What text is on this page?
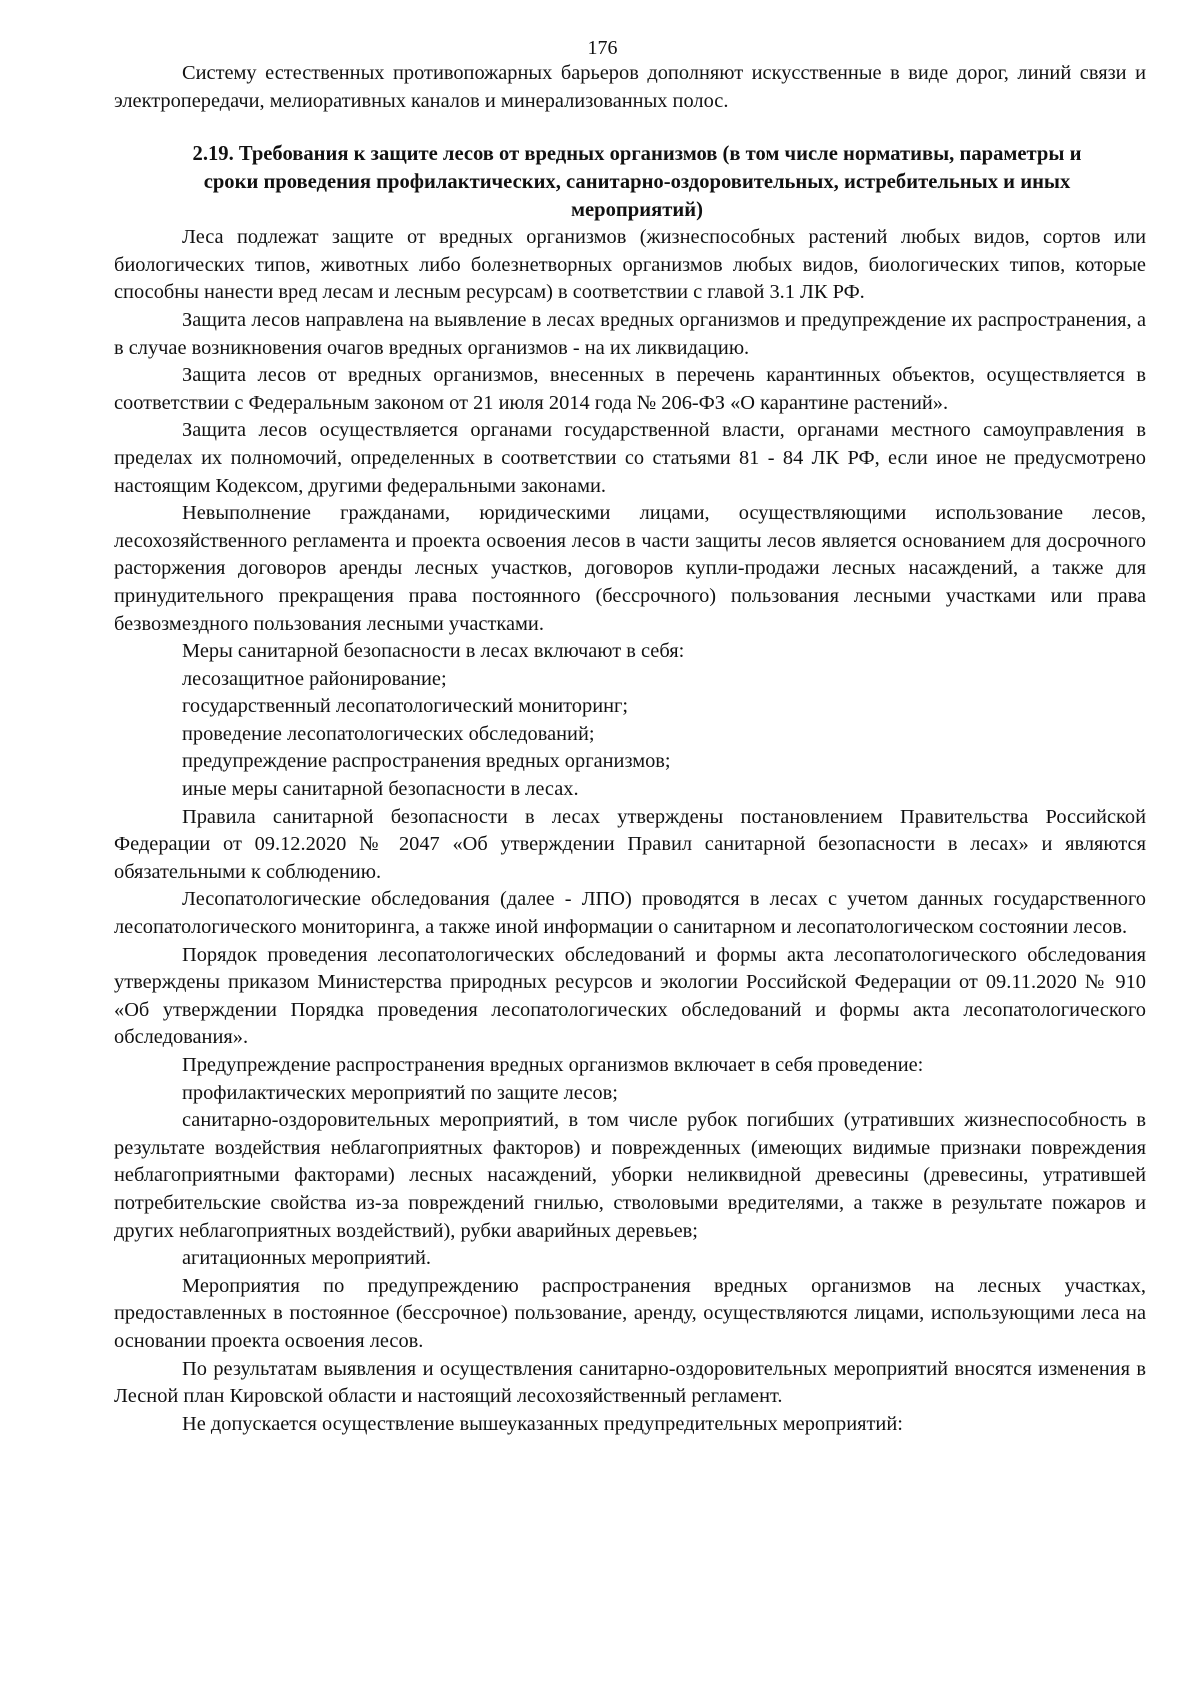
176

Систему естественных противопожарных барьеров дополняют искусственные в виде дорог, линий связи и электропередачи, мелиоративных каналов и минерализованных полос.

2.19. Требования к защите лесов от вредных организмов (в том числе нормативы, параметры и сроки проведения профилактических, санитарно-оздоровительных, истребительных и иных мероприятий)

Леса подлежат защите от вредных организмов (жизнеспособных растений любых видов, сортов или биологических типов, животных либо болезнетворных организмов любых видов, биологических типов, которые способны нанести вред лесам и лесным ресурсам) в соответствии с главой 3.1 ЛК РФ.

Защита лесов направлена на выявление в лесах вредных организмов и предупреждение их распространения, а в случае возникновения очагов вредных организмов - на их ликвидацию.

Защита лесов от вредных организмов, внесенных в перечень карантинных объектов, осуществляется в соответствии с Федеральным законом от 21 июля 2014 года № 206-ФЗ «О карантине растений».

Защита лесов осуществляется органами государственной власти, органами местного самоуправления в пределах их полномочий, определенных в соответствии со статьями 81 - 84 ЛК РФ, если иное не предусмотрено настоящим Кодексом, другими федеральными законами.

Невыполнение гражданами, юридическими лицами, осуществляющими использование лесов, лесохозяйственного регламента и проекта освоения лесов в части защиты лесов является основанием для досрочного расторжения договоров аренды лесных участков, договоров купли-продажи лесных насаждений, а также для принудительного прекращения права постоянного (бессрочного) пользования лесными участками или права безвозмездного пользования лесными участками.

Меры санитарной безопасности в лесах включают в себя:

лесозащитное районирование;

государственный лесопатологический мониторинг;

проведение лесопатологических обследований;

предупреждение распространения вредных организмов;

иные меры санитарной безопасности в лесах.

Правила санитарной безопасности в лесах утверждены постановлением Правительства Российской Федерации от 09.12.2020 № 2047 «Об утверждении Правил санитарной безопасности в лесах» и являются обязательными к соблюдению.

Лесопатологические обследования (далее - ЛПО) проводятся в лесах с учетом данных государственного лесопатологического мониторинга, а также иной информации о санитарном и лесопатологическом состоянии лесов.

Порядок проведения лесопатологических обследований и формы акта лесопатологического обследования утверждены приказом Министерства природных ресурсов и экологии Российской Федерации от 09.11.2020 № 910 «Об утверждении Порядка проведения лесопатологических обследований и формы акта лесопатологического обследования».

Предупреждение распространения вредных организмов включает в себя проведение:

профилактических мероприятий по защите лесов;

санитарно-оздоровительных мероприятий, в том числе рубок погибших (утративших жизнеспособность в результате воздействия неблагоприятных факторов) и поврежденных (имеющих видимые признаки повреждения неблагоприятными факторами) лесных насаждений, уборки неликвидной древесины (древесины, утратившей потребительские свойства из-за повреждений гнилью, стволовыми вредителями, а также в результате пожаров и других неблагоприятных воздействий), рубки аварийных деревьев;

агитационных мероприятий.

Мероприятия по предупреждению распространения вредных организмов на лесных участках, предоставленных в постоянное (бессрочное) пользование, аренду, осуществляются лицами, использующими леса на основании проекта освоения лесов.

По результатам выявления и осуществления санитарно-оздоровительных мероприятий вносятся изменения в Лесной план Кировской области и настоящий лесохозяйственный регламент.

Не допускается осуществление вышеуказанных предупредительных мероприятий:
